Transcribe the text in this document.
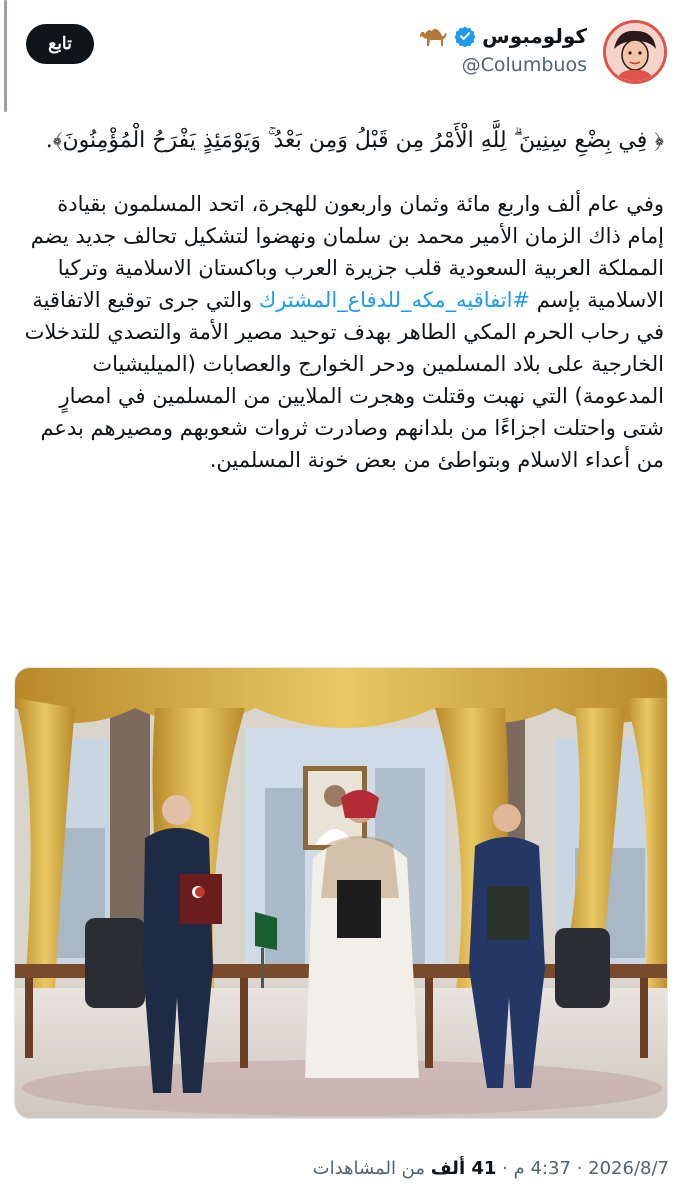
كولومبوس
@Columbuos
تابع

﴿ فِي بِضْعِ سِنِينَ ۗ لِلَّهِ الْأَمْرُ مِن قَبْلُ وَمِن بَعْدُ ۚ وَيَوْمَئِذٍ يَفْرَحُ الْمُؤْمِنُونَ﴾.

وفي عام ألف واربع مائة وثمان واربعون للهجرة، اتحد المسلمون بقيادة إمام ذاك الزمان الأمير محمد بن سلمان ونهضوا لتشكيل تحالف جديد يضم المملكة العربية السعودية قلب جزيرة العرب وباكستان الاسلامية وتركيا الاسلامية بإسم #اتفاقيه_مكه_للدفاع_المشترك والتي جرى توقيع الاتفاقية في رحاب الحرم المكي الطاهر بهدف توحيد مصير الأمة والتصدي للتدخلات الخارجية على بلاد المسلمين ودحر الخوارج والعصابات (الميليشيات المدعومة) التي نهبت وقتلت وهجرت الملايين من المسلمين في امصارٍ شتى واحتلت اجزاءًا من بلدانهم وصادرت ثروات شعوبهم ومصيرهم بدعم من أعداء الاسلام وبتواطئ من بعض خونة المسلمين.

2026/8/7 · 4:37 م · 41 ألف من المشاهدات
